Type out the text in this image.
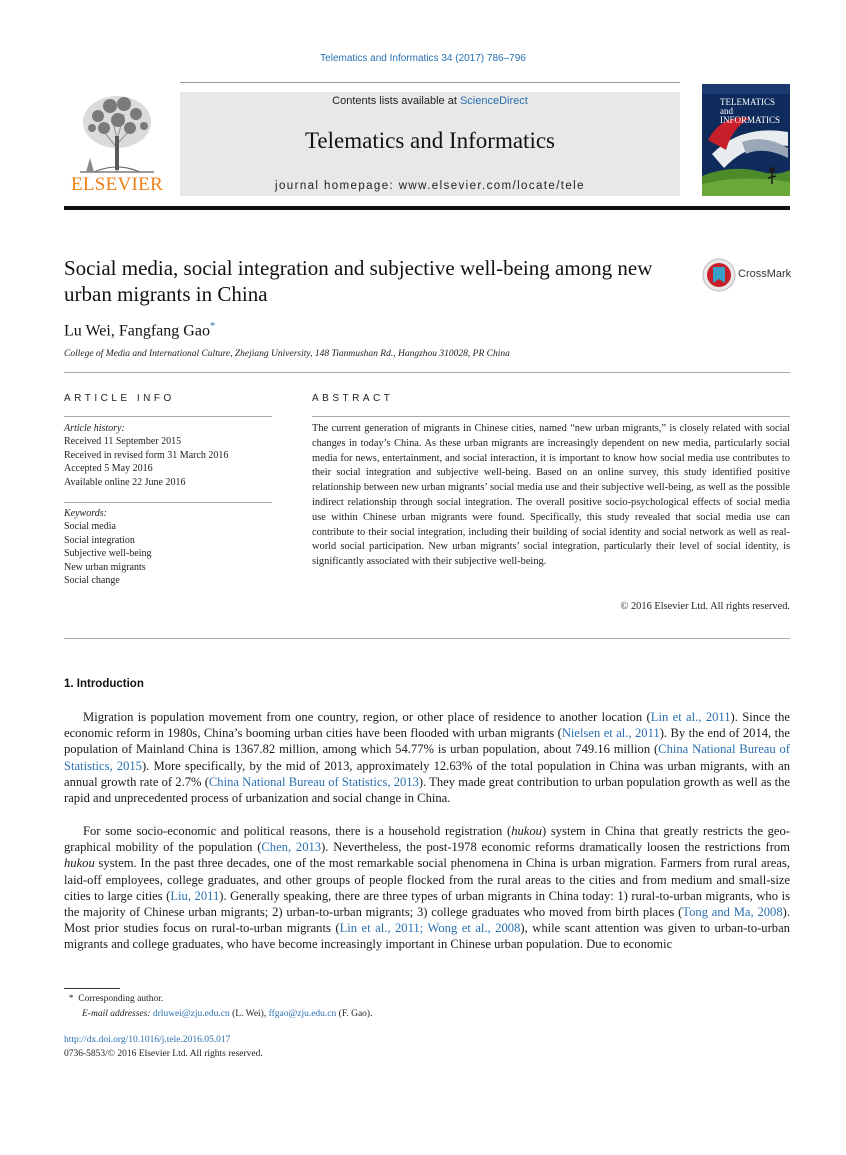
Telematics and Informatics 34 (2017) 786–796
ELSEVIER
Contents lists available at ScienceDirect
Telematics and Informatics
journal homepage: www.elsevier.com/locate/tele
TELEMATICS and INFORMATICS
Social media, social integration and subjective well-being among new urban migrants in China
CrossMark
Lu Wei, Fangfang Gao*
College of Media and International Culture, Zhejiang University, 148 Tianmushan Rd., Hangzhou 310028, PR China
ARTICLE INFO	ABSTRACT
Article history:
Received 11 September 2015
Received in revised form 31 March 2016
Accepted 5 May 2016
Available online 22 June 2016
Keywords:
Social media
Social integration
Subjective well-being
New urban migrants
Social change
The current generation of migrants in Chinese cities, named “new urban migrants,” is closely related with social changes in today’s China. As these urban migrants are increasingly dependent on new media, particularly social media for news, entertainment, and social interaction, it is important to know how social media use contributes to their social integration and subjective well-being. Based on an online survey, this study identified positive relationship between new urban migrants’ social media use and their subjective well-being, as well as the possible indirect relationship through social integration. The overall positive socio-psychological effects of social media use within Chinese urban migrants were found. Specifically, this study revealed that social media use can contribute to their social integration, including their building of social identity and social network as well as real-world social participation. New urban migrants’ social integration, particularly their level of social identity, is significantly associated with their subjective well-being.
© 2016 Elsevier Ltd. All rights reserved.
1. Introduction
Migration is population movement from one country, region, or other place of residence to another location (Lin et al., 2011). Since the economic reform in 1980s, China’s booming urban cities have been flooded with urban migrants (Nielsen et al., 2011). By the end of 2014, the population of Mainland China is 1367.82 million, among which 54.77% is urban population, about 749.16 million (China National Bureau of Statistics, 2015). More specifically, by the mid of 2013, approximately 12.63% of the total population in China was urban migrants, with an annual growth rate of 2.7% (China National Bureau of Statistics, 2013). They made great contribution to urban population growth as well as the rapid and unprecedented process of urbanization and social change in China.
For some socio-economic and political reasons, there is a household registration (hukou) system in China that greatly restricts the geo-graphical mobility of the population (Chen, 2013). Nevertheless, the post-1978 economic reforms dramatically loosen the restrictions from hukou system. In the past three decades, one of the most remarkable social phenomena in China is urban migration. Farmers from rural areas, laid-off employees, college graduates, and other groups of people flocked from the rural areas to the cities and from medium and small-size cities to large cities (Liu, 2011). Generally speaking, there are three types of urban migrants in China today: 1) rural-to-urban migrants, who is the majority of Chinese urban migrants; 2) urban-to-urban migrants; 3) college graduates who moved from birth places (Tong and Ma, 2008). Most prior studies focus on rural-to-urban migrants (Lin et al., 2011; Wong et al., 2008), while scant attention was given to urban-to-urban migrants and college graduates, who have become increasingly important in Chinese urban population. Due to economic
* Corresponding author.
E-mail addresses: drluwei@zju.edu.cn (L. Wei), ffgao@zju.edu.cn (F. Gao).
http://dx.doi.org/10.1016/j.tele.2016.05.017
0736-5853/© 2016 Elsevier Ltd. All rights reserved.
